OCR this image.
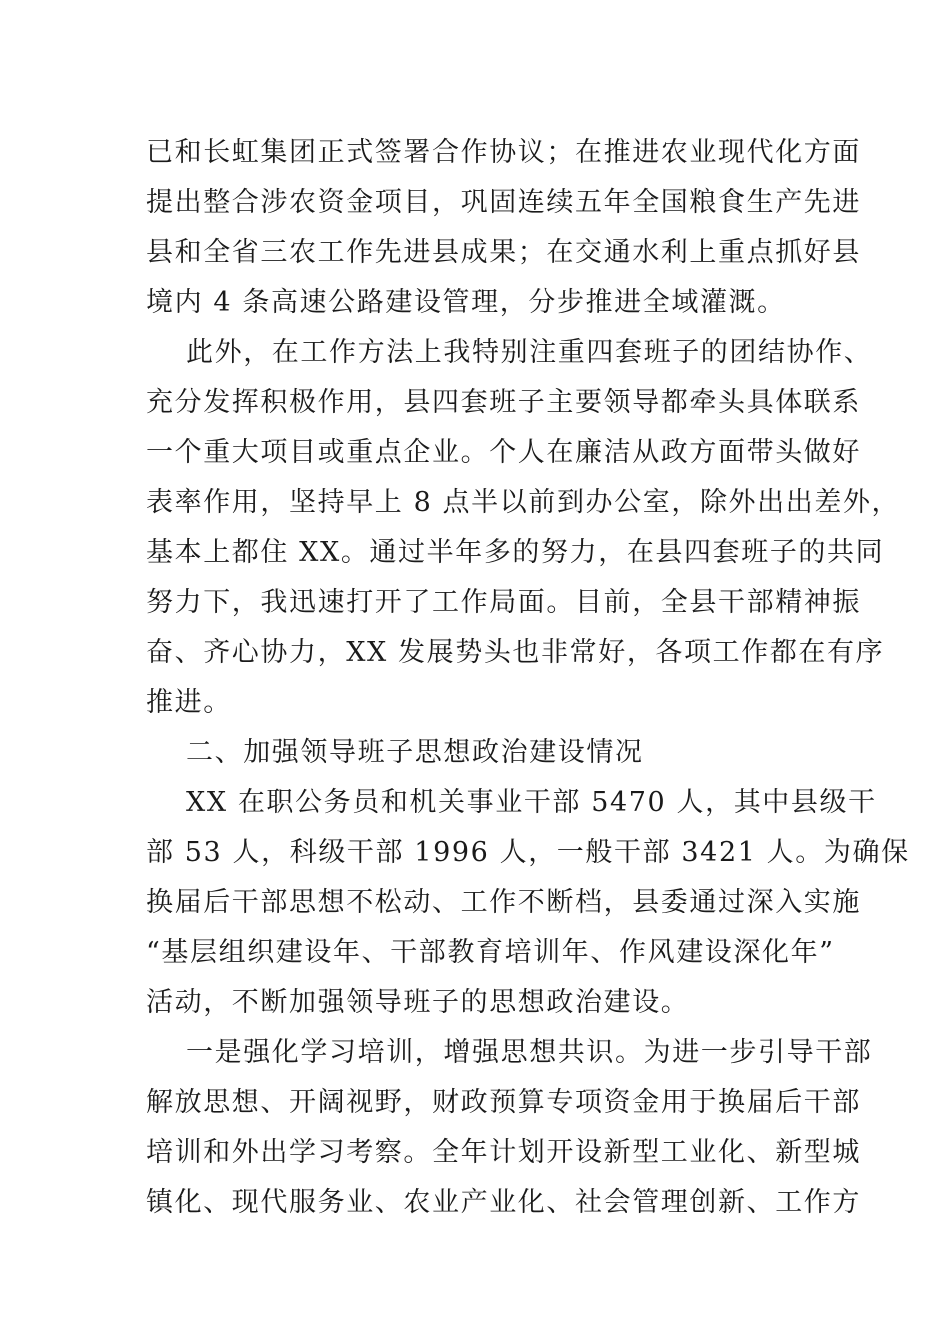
已和长虹集团正式签署合作协议；在推进农业现代化方面
提出整合涉农资金项目，巩固连续五年全国粮食生产先进
县和全省三农工作先进县成果；在交通水利上重点抓好县
境内 4 条高速公路建设管理，分步推进全域灌溉。
此外，在工作方法上我特别注重四套班子的团结协作、
充分发挥积极作用，县四套班子主要领导都牵头具体联系
一个重大项目或重点企业。个人在廉洁从政方面带头做好
表率作用，坚持早上 8 点半以前到办公室，除外出出差外，
基本上都住 XX。通过半年多的努力，在县四套班子的共同
努力下，我迅速打开了工作局面。目前，全县干部精神振
奋、齐心协力，XX 发展势头也非常好，各项工作都在有序
推进。
二、加强领导班子思想政治建设情况
XX 在职公务员和机关事业干部 5470 人，其中县级干
部 53 人，科级干部 1996 人，一般干部 3421 人。为确保
换届后干部思想不松动、工作不断档，县委通过深入实施
“基层组织建设年、干部教育培训年、作风建设深化年”
活动，不断加强领导班子的思想政治建设。
一是强化学习培训，增强思想共识。为进一步引导干部
解放思想、开阔视野，财政预算专项资金用于换届后干部
培训和外出学习考察。全年计划开设新型工业化、新型城
镇化、现代服务业、农业产业化、社会管理创新、工作方
